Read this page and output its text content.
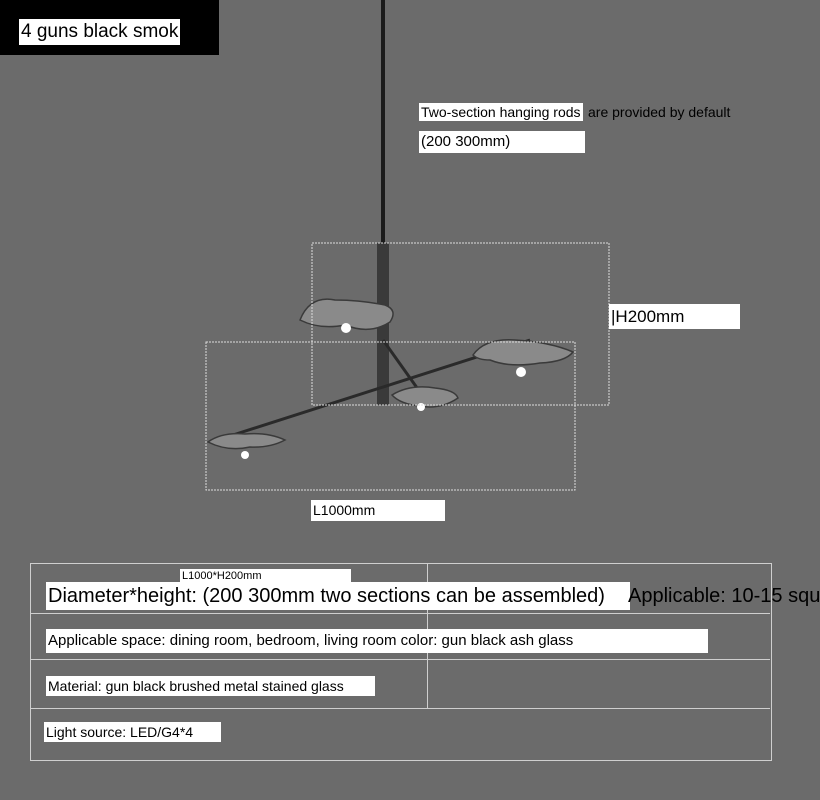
4 guns black smok sh
Two-section hanging rods are provided by default
(200 300mm)
|H200mm
L1000mm
L1000*H200mm
Diameter*height: (200 300mm two sections can be assembled)	Applicable: 10-15 squ
Applicable space: dining room, bedroom, living room color: gun black ash glass
Material: gun black brushed metal stained glass
Light source: LED/G4*4
